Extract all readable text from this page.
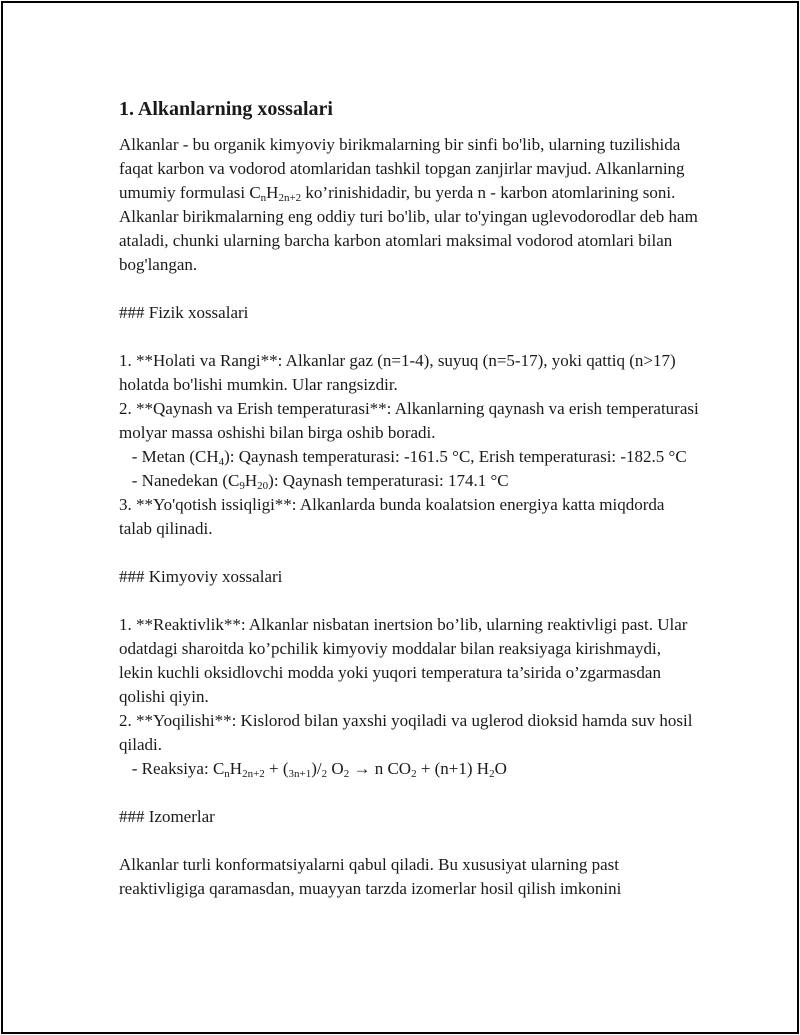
1. Alkanlarning xossalari

Alkanlar - bu organik kimyoviy birikmalarning bir sinfi bo'lib, ularning tuzilishida faqat karbon va vodorod atomlaridan tashkil topgan zanjirlar mavjud. Alkanlarning umumiy formulasi $C_nH_{2n+2}$ ko’rinishidadir, bu yerda n - karbon atomlarining soni. Alkanlar birikmalarning eng oddiy turi bo'lib, ular to'yingan uglevodorodlar deb ham ataladi, chunki ularning barcha karbon atomlari maksimal vodorod atomlari bilan bog'langan.

### Fizik xossalari

1. **Holati va Rangi**: Alkanlar gaz (n=1-4), suyuq (n=5-17), yoki qattiq (n>17) holatda bo'lishi mumkin. Ular rangsizdir.

2. **Qaynash va Erish temperaturasi**: Alkanlarning qaynash va erish temperaturasi molyar massa oshishi bilan birga oshib boradi.

- Metan $(CH_4)$: Qaynash temperaturasi: -161.5 °C, Erish temperaturasi: -182.5 °C

- Nanedekan $(C_9H_{20})$: Qaynash temperaturasi: 174.1 °C

3. **Yo'qotish issiqligi**: Alkanlarda bunda koalatsion energiya katta miqdorda talab qilinadi.

### Kimyoviy xossalari

1. **Reaktivlik**: Alkanlar nisbatan inertsion bo’lib, ularning reaktivligi past. Ular odatdagi sharoitda ko’pchilik kimyoviy moddalar bilan reaksiyaga kirishmaydi, lekin kuchli oksidlovchi modda yoki yuqori temperatura ta’sirida o’zgarmasdan qolishi qiyin.

2. **Yoqilishi**: Kislorod bilan yaxshi yoqiladi va uglerod dioksid hamda suv hosil qiladi.

- Reaksiya: $C_nH_{2n+2} + (_{3n+1})/_2$ $O_2 \to n$ $CO_2 + (n+1)$ $H_2O$

### Izomerlar

Alkanlar turli konformatsiyalarni qabul qiladi. Bu xususiyat ularning past reaktivligiga qaramasdan, muayyan tarzda izomerlar hosil qilish imkonini
